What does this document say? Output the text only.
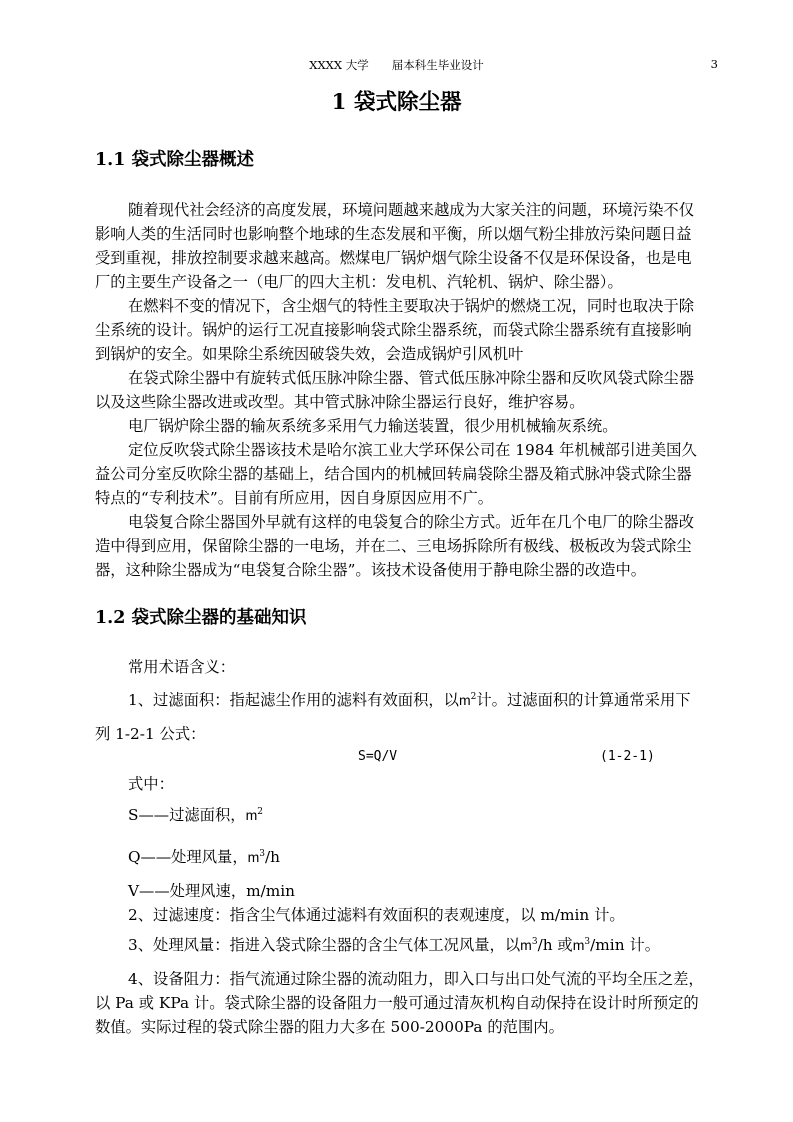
XXXX 大学　　届本科生毕业设计	3
1 袋式除尘器
1.1 袋式除尘器概述
随着现代社会经济的高度发展，环境问题越来越成为大家关注的问题，环境污染不仅
影响人类的生活同时也影响整个地球的生态发展和平衡，所以烟气粉尘排放污染问题日益
受到重视，排放控制要求越来越高。燃煤电厂锅炉烟气除尘设备不仅是环保设备，也是电
厂的主要生产设备之一（电厂的四大主机：发电机、汽轮机、锅炉、除尘器）。
在燃料不变的情况下，含尘烟气的特性主要取决于锅炉的燃烧工况，同时也取决于除
尘系统的设计。锅炉的运行工况直接影响袋式除尘器系统，而袋式除尘器系统有直接影响
到锅炉的安全。如果除尘系统因破袋失效，会造成锅炉引风机叶
在袋式除尘器中有旋转式低压脉冲除尘器、管式低压脉冲除尘器和反吹风袋式除尘器
以及这些除尘器改进或改型。其中管式脉冲除尘器运行良好，维护容易。
电厂锅炉除尘器的输灰系统多采用气力输送装置，很少用机械输灰系统。
定位反吹袋式除尘器该技术是哈尔滨工业大学环保公司在 1984 年机械部引进美国久
益公司分室反吹除尘器的基础上，结合国内的机械回转扁袋除尘器及箱式脉冲袋式除尘器
特点的“专利技术”。目前有所应用，因自身原因应用不广。
电袋复合除尘器国外早就有这样的电袋复合的除尘方式。近年在几个电厂的除尘器改
造中得到应用，保留除尘器的一电场，并在二、三电场拆除所有极线、极板改为袋式除尘
器，这种除尘器成为“电袋复合除尘器”。该技术设备使用于静电除尘器的改造中。
1.2 袋式除尘器的基础知识
常用术语含义：
1、过滤面积：指起滤尘作用的滤料有效面积，以$m^2$计。过滤面积的计算通常采用下
列 1-2-1 公式：
S=Q/V	(1-2-1)
式中：
S——过滤面积，$m^2$
Q——处理风量，$m^3/h$
V——处理风速，m/min
2、过滤速度：指含尘气体通过滤料有效面积的表观速度，以 m/min 计。
3、处理风量：指进入袋式除尘器的含尘气体工况风量，以$m^3/h$ 或$m^3/\min$ 计。
4、设备阻力：指气流通过除尘器的流动阻力，即入口与出口处气流的平均全压之差，
以 Pa 或 KPa 计。袋式除尘器的设备阻力一般可通过清灰机构自动保持在设计时所预定的
数值。实际过程的袋式除尘器的阻力大多在 500-2000Pa 的范围内。
